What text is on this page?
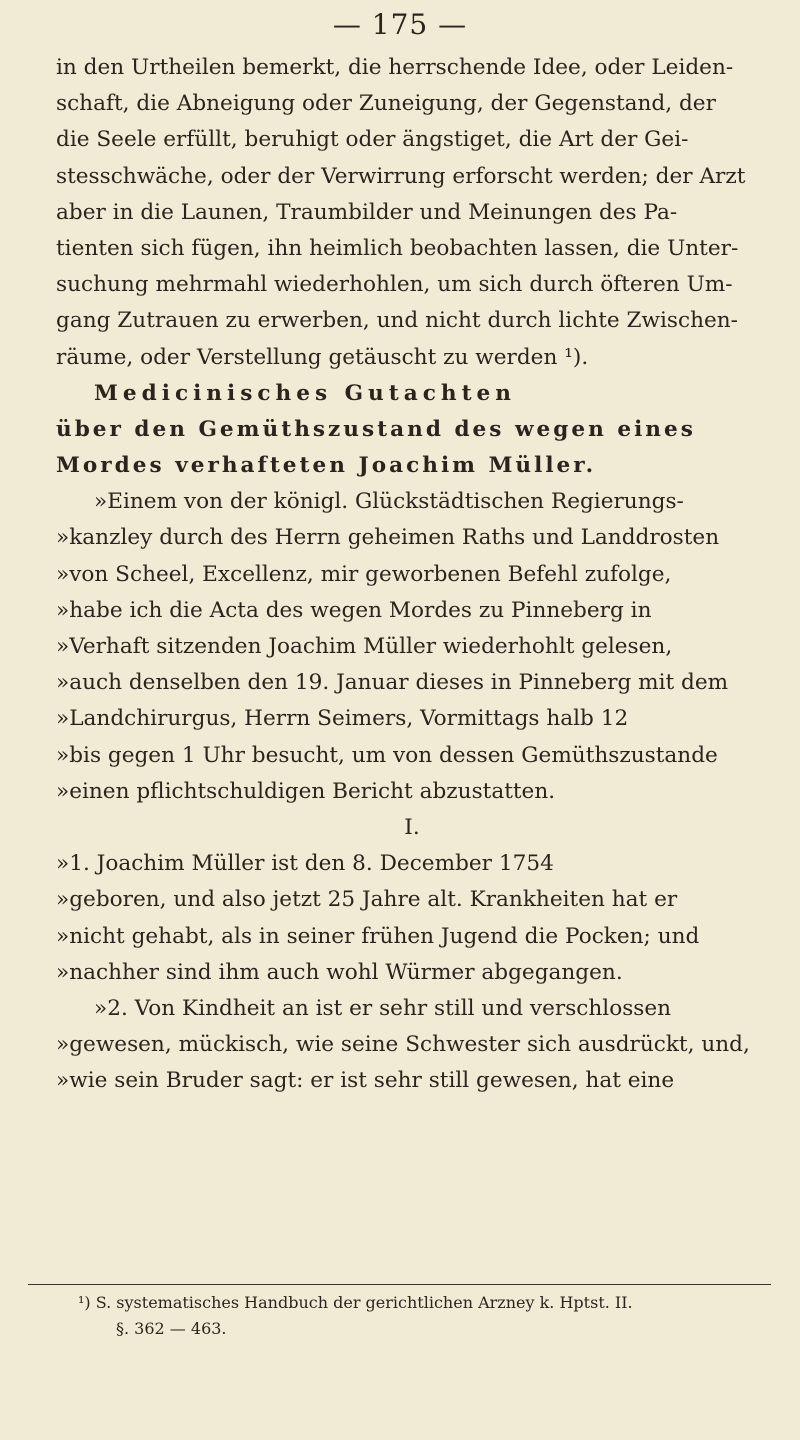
— 175 —
in den Urtheilen bemerkt, die herrschende Idee, oder Leiden-
schaft, die Abneigung oder Zuneigung, der Gegenstand, der
die Seele erfüllt, beruhigt oder ängstiget, die Art der Gei-
stesschwäche, oder der Verwirrung erforscht werden; der Arzt
aber in die Launen, Traumbilder und Meinungen des Pa-
tienten sich fügen, ihn heimlich beobachten lassen, die Unter-
suchung mehrmahl wiederhohlen, um sich durch öfteren Um-
gang Zutrauen zu erwerben, und nicht durch lichte Zwischen-
räume, oder Verstellung getäuscht zu werden ¹).
Medicinisches Gutachten
über den Gemüthszustand des wegen eines
Mordes verhafteten Joachim Müller.
»Einem von der königl. Glückstädtischen Regierungs-
»kanzley durch des Herrn geheimen Raths und Landdrosten
»von Scheel, Excellenz, mir geworbenen Befehl zufolge,
»habe ich die Acta des wegen Mordes zu Pinneberg in
»Verhaft sitzenden Joachim Müller wiederhohlt gelesen,
»auch denselben den 19. Januar dieses in Pinneberg mit dem
»Landchirurgus, Herrn Seimers, Vormittags halb 12
»bis gegen 1 Uhr besucht, um von dessen Gemüthszustande
»einen pflichtschuldigen Bericht abzustatten.
I.
»1. Joachim Müller ist den 8. December 1754
»geboren, und also jetzt 25 Jahre alt. Krankheiten hat er
»nicht gehabt, als in seiner frühen Jugend die Pocken; und
»nachher sind ihm auch wohl Würmer abgegangen.
»2. Von Kindheit an ist er sehr still und verschlossen
»gewesen, mückisch, wie seine Schwester sich ausdrückt, und,
»wie sein Bruder sagt: er ist sehr still gewesen, hat eine
¹) S. systematisches Handbuch der gerichtlichen Arzney k. Hptst. II.
§. 362 — 463.
